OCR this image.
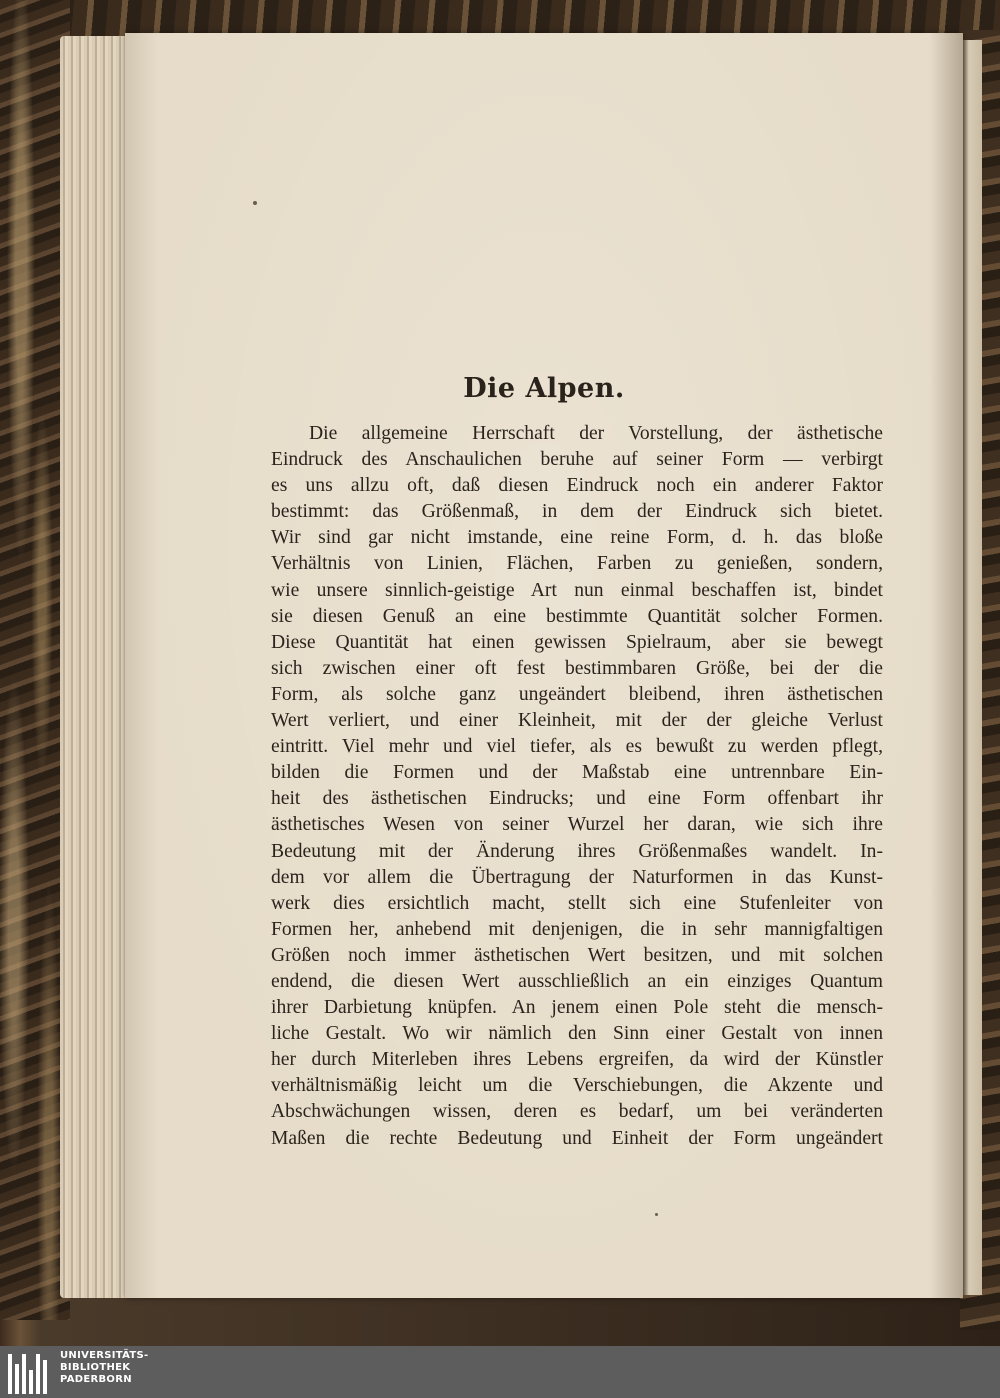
Die Alpen.
Die allgemeine Herrschaft der Vorstellung, der ästhetische
Eindruck des Anschaulichen beruhe auf seiner Form — verbirgt
es uns allzu oft, daß diesen Eindruck noch ein anderer Faktor
bestimmt: das Größenmaß, in dem der Eindruck sich bietet.
Wir sind gar nicht imstande, eine reine Form, d. h. das bloße
Verhältnis von Linien, Flächen, Farben zu genießen, sondern,
wie unsere sinnlich-geistige Art nun einmal beschaffen ist, bindet
sie diesen Genuß an eine bestimmte Quantität solcher Formen.
Diese Quantität hat einen gewissen Spielraum, aber sie bewegt
sich zwischen einer oft fest bestimmbaren Größe, bei der die
Form, als solche ganz ungeändert bleibend, ihren ästhetischen
Wert verliert, und einer Kleinheit, mit der der gleiche Verlust
eintritt. Viel mehr und viel tiefer, als es bewußt zu werden pflegt,
bilden die Formen und der Maßstab eine untrennbare Ein-
heit des ästhetischen Eindrucks; und eine Form offenbart ihr
ästhetisches Wesen von seiner Wurzel her daran, wie sich ihre
Bedeutung mit der Änderung ihres Größenmaßes wandelt. In-
dem vor allem die Übertragung der Naturformen in das Kunst-
werk dies ersichtlich macht, stellt sich eine Stufenleiter von
Formen her, anhebend mit denjenigen, die in sehr mannigfaltigen
Größen noch immer ästhetischen Wert besitzen, und mit solchen
endend, die diesen Wert ausschließlich an ein einziges Quantum
ihrer Darbietung knüpfen. An jenem einen Pole steht die mensch-
liche Gestalt. Wo wir nämlich den Sinn einer Gestalt von innen
her durch Miterleben ihres Lebens ergreifen, da wird der Künstler
verhältnismäßig leicht um die Verschiebungen, die Akzente und
Abschwächungen wissen, deren es bedarf, um bei veränderten
Maßen die rechte Bedeutung und Einheit der Form ungeändert
UNIVERSITÄTS-
BIBLIOTHEK
PADERBORN
